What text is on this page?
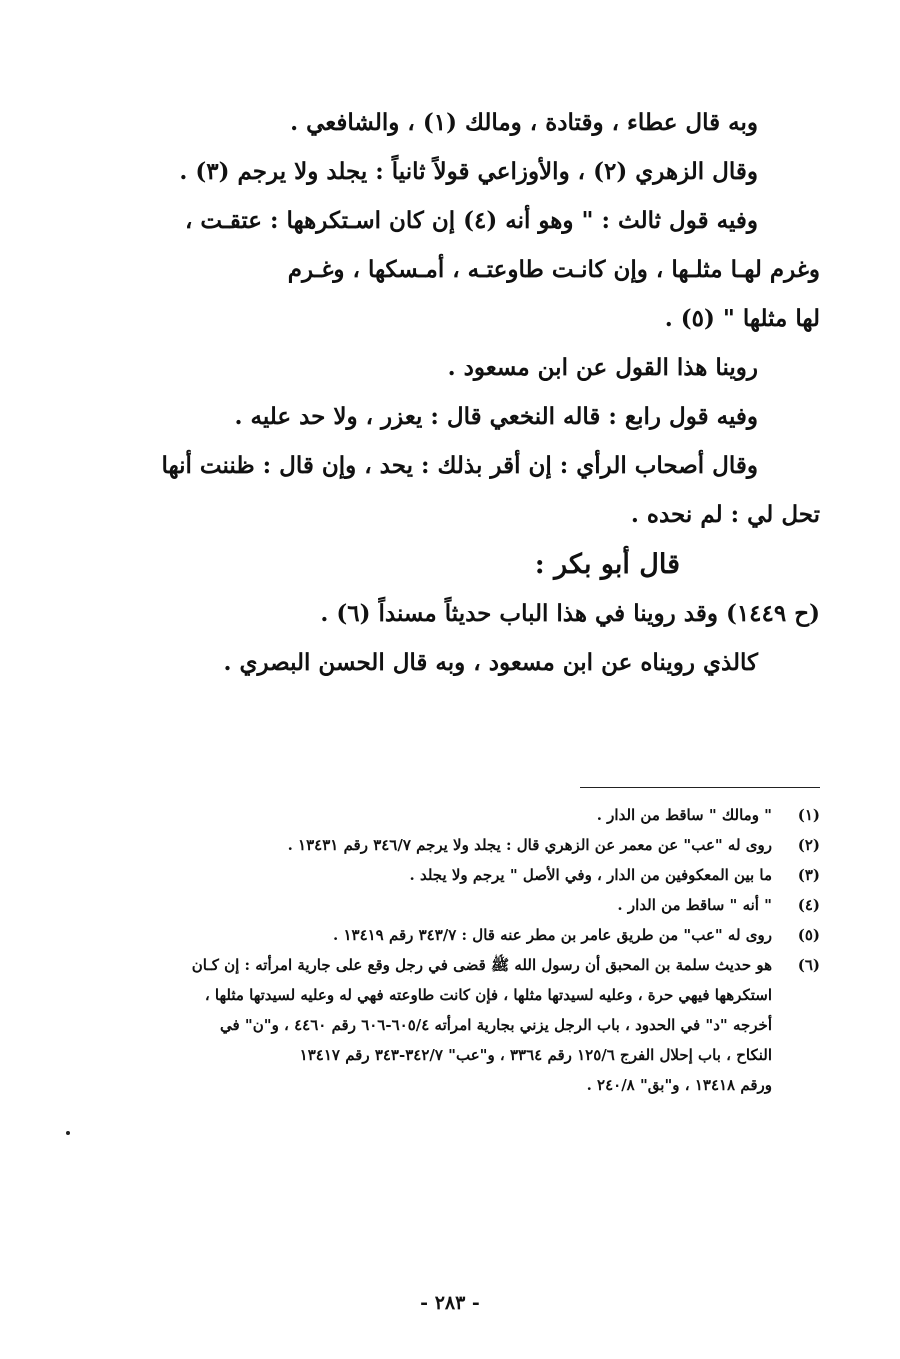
وبه قال عطاء ، وقتادة ، ومالك (١) ، والشافعي .

وقال الزهري (٢) ، والأوزاعي قولاً ثانياً : يجلد ولا يرجم (٣) .

وفيه قول ثالث : " وهو أنه (٤) إن كان اسـتكرهها : عتقـت ،

وغرم لهـا مثلـها ، وإن كانـت طاوعتـه ، أمـسكها ، وغـرم

لها مثلها " (٥) .

روينا هذا القول عن ابن مسعود .

وفيه قول رابع : قاله النخعي قال : يعزر ، ولا حد عليه .

وقال أصحاب الرأي : إن أقر بذلك : يحد ، وإن قال : ظننت أنها

تحل لي : لم نحده .

قال أبو بكر :

(ح ١٤٤٩) وقد روينا في هذا الباب حديثاً مسنداً (٦) .

كالذي رويناه عن ابن مسعود ، وبه قال الحسن البصري .

(١)
" ومالك " ساقط من الدار .
(٢)
روى له "عب" عن معمر عن الزهري قال : يجلد ولا يرجم ٣٤٦/٧ رقم ١٣٤٣١ .
(٣)
ما بين المعكوفين من الدار ، وفي الأصل " يرجم ولا يجلد .
(٤)
" أنه " ساقط من الدار .
(٥)
روى له "عب" من طريق عامر بن مطر عنه قال : ٣٤٣/٧ رقم ١٣٤١٩ .
(٦)
هو حديث سلمة بن المحبق أن رسول الله ﷺ قضى في رجل وقع على جارية امرأته : إن كـان
استكرهها فيهي حرة ، وعليه لسيدتها مثلها ، فإن كانت طاوعته فهي له وعليه لسيدتها مثلها ،
أخرجه "د" في الحدود ، باب الرجل يزني بجارية امرأته ٦٠٥/٤-٦٠٦ رقم ٤٤٦٠ ، و"ن" في
النكاح ، باب إحلال الفرج ١٢٥/٦ رقم ٣٣٦٤ ، و"عب" ٣٤٢/٧-٣٤٣ رقم ١٣٤١٧
ورقم ١٣٤١٨ ، و"بق" ٢٤٠/٨ .
- ٢٨٣ -
